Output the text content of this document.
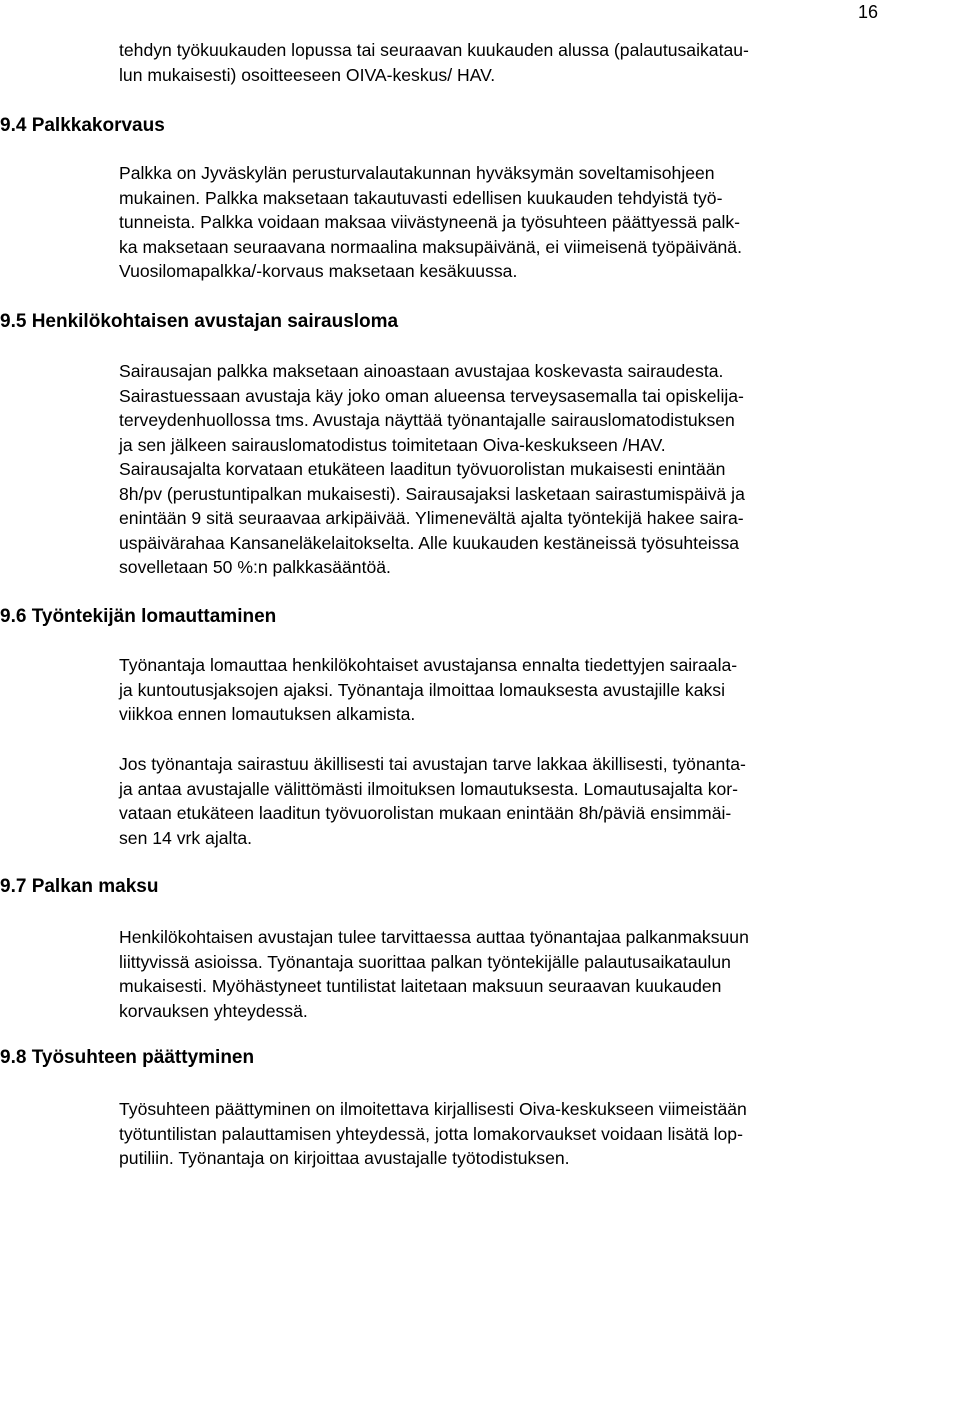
16
tehdyn työkuukauden lopussa tai seuraavan kuukauden alussa (palautusaikatau-
lun mukaisesti) osoitteeseen OIVA-keskus/ HAV.
9.4 Palkkakorvaus
Palkka on Jyväskylän perusturvalautakunnan hyväksymän soveltamisohjeen
mukainen. Palkka maksetaan takautuvasti edellisen kuukauden tehdyistä työ-
tunneista. Palkka voidaan maksaa viivästyneenä ja työsuhteen päättyessä palk-
ka maksetaan seuraavana normaalina maksupäivänä, ei viimeisenä työpäivänä.
Vuosilomapalkka/-korvaus maksetaan kesäkuussa.
9.5 Henkilökohtaisen avustajan sairausloma
Sairausajan palkka maksetaan ainoastaan avustajaa koskevasta sairaudesta.
Sairastuessaan avustaja käy joko oman alueensa terveysasemalla tai opiskelija-
terveydenhuollossa tms. Avustaja näyttää työnantajalle sairauslomatodistuksen
ja sen jälkeen sairauslomatodistus toimitetaan Oiva-keskukseen /HAV.
Sairausajalta korvataan etukäteen laaditun työvuorolistan mukaisesti enintään
8h/pv (perustuntipalkan mukaisesti). Sairausajaksi lasketaan sairastumispäivä ja
enintään 9 sitä seuraavaa arkipäivää. Ylimenevältä ajalta työntekijä hakee saira-
uspäivärahaa Kansaneläkelaitokselta. Alle kuukauden kestäneissä työsuhteissa
sovelletaan 50 %:n palkkasääntöä.
9.6 Työntekijän lomauttaminen
Työnantaja lomauttaa henkilökohtaiset avustajansa ennalta tiedettyjen sairaala-
ja kuntoutusjaksojen ajaksi. Työnantaja ilmoittaa lomauksesta avustajille kaksi
viikkoa ennen lomautuksen alkamista.
Jos työnantaja sairastuu äkillisesti tai avustajan tarve lakkaa äkillisesti, työnanta-
ja antaa avustajalle välittömästi ilmoituksen lomautuksesta. Lomautusajalta kor-
vataan etukäteen laaditun työvuorolistan mukaan enintään 8h/päviä ensimmäi-
sen 14 vrk ajalta.
9.7 Palkan maksu
Henkilökohtaisen avustajan tulee tarvittaessa auttaa työnantajaa palkanmaksuun
liittyvissä asioissa. Työnantaja suorittaa palkan työntekijälle palautusaikataulun
mukaisesti. Myöhästyneet tuntilistat laitetaan maksuun seuraavan kuukauden
korvauksen yhteydessä.
9.8 Työsuhteen päättyminen
Työsuhteen päättyminen on ilmoitettava kirjallisesti Oiva-keskukseen viimeistään
työtuntilistan palauttamisen yhteydessä, jotta lomakorvaukset voidaan lisätä lop-
putiliin. Työnantaja on kirjoittaa avustajalle työtodistuksen.
